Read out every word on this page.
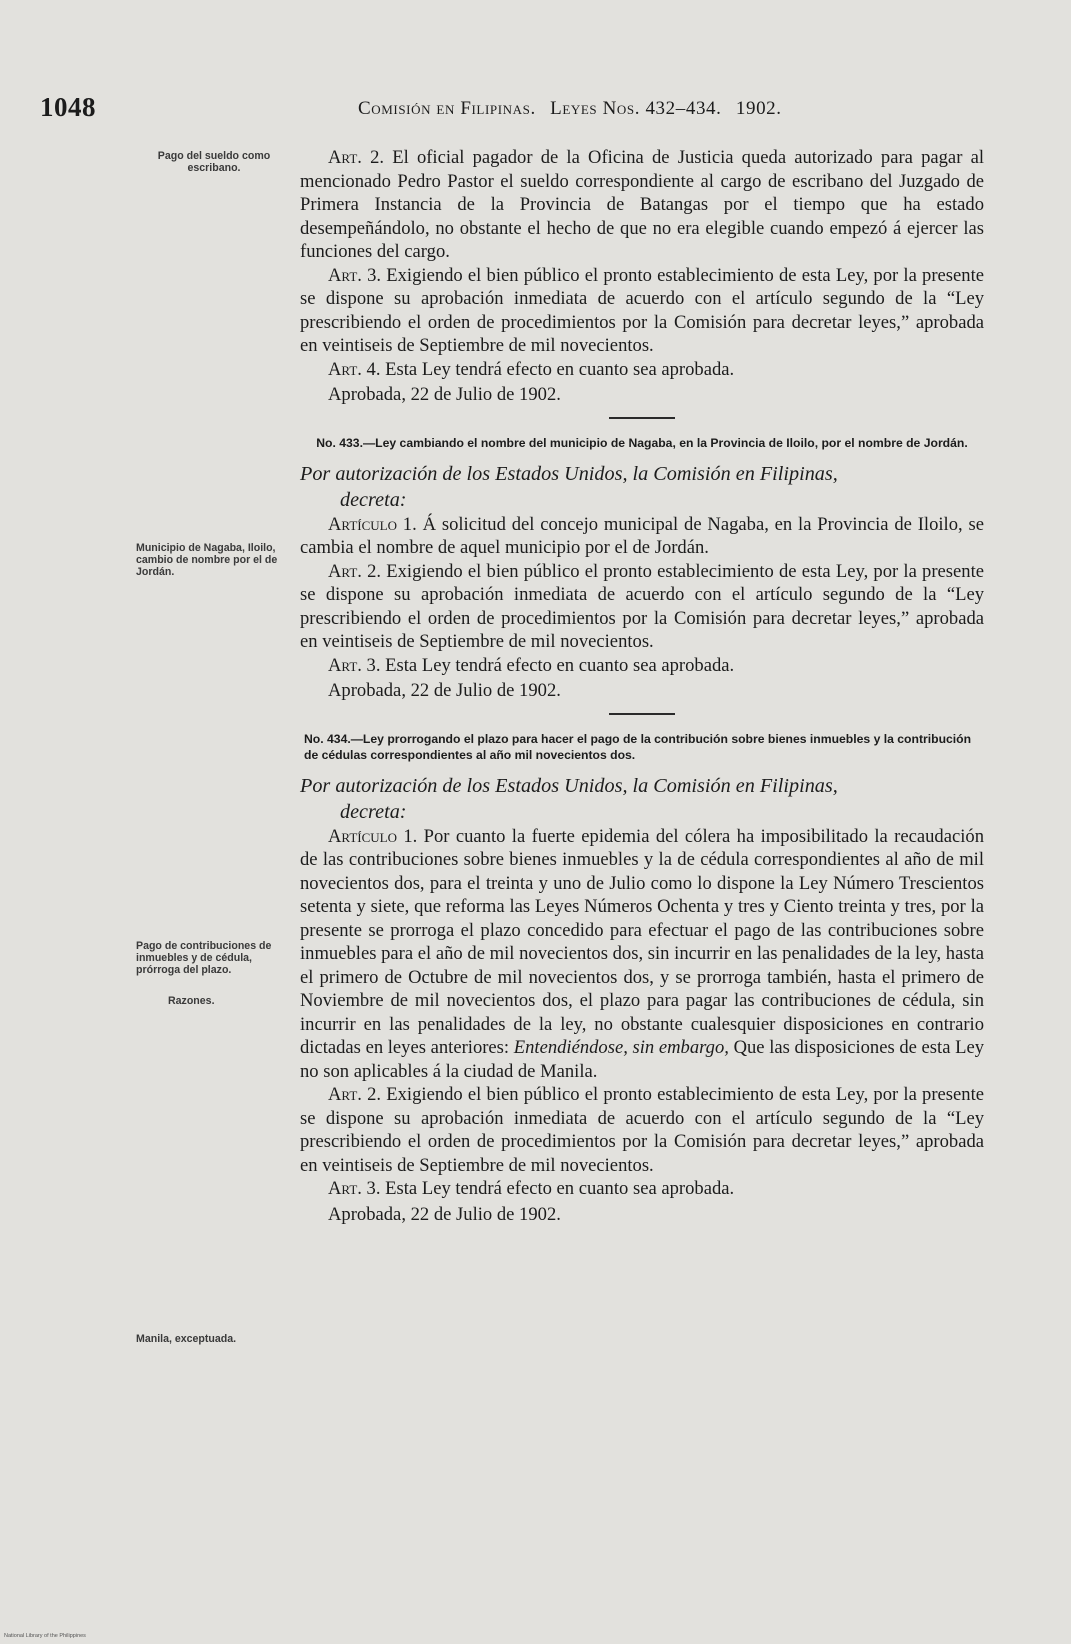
1048	Comisión en Filipinas. Leyes Nos. 432–434. 1902.
Pago del sueldo como escribano.
Municipio de Nagaba, Iloilo, cambio de nombre por el de Jordán.
Pago de contribuciones de inmuebles y de cédula, prórroga del plazo.
Razones.
Manila, exceptuada.

Art. 2. El oficial pagador de la Oficina de Justicia queda autorizado para pagar al mencionado Pedro Pastor el sueldo correspondiente al cargo de escribano del Juzgado de Primera Instancia de la Provincia de Batangas por el tiempo que ha estado desempeñándolo, no obstante el hecho de que no era elegible cuando empezó á ejercer las funciones del cargo.

Art. 3. Exigiendo el bien público el pronto establecimiento de esta Ley, por la presente se dispone su aprobación inmediata de acuerdo con el artículo segundo de la “Ley prescribiendo el orden de procedimientos por la Comisión para decretar leyes,” aprobada en veintiseis de Septiembre de mil novecientos.

Art. 4. Esta Ley tendrá efecto en cuanto sea aprobada.

Aprobada, 22 de Julio de 1902.

No. 433.—Ley cambiando el nombre del municipio de Nagaba, en la Provincia de Iloilo, por el nombre de Jordán.

Por autorización de los Estados Unidos, la Comisión en Filipinas,
decreta:

Artículo 1. Á solicitud del concejo municipal de Nagaba, en la Provincia de Iloilo, se cambia el nombre de aquel municipio por el de Jordán.

Art. 2. Exigiendo el bien público el pronto establecimiento de esta Ley, por la presente se dispone su aprobación inmediata de acuerdo con el artículo segundo de la “Ley prescribiendo el orden de procedimientos por la Comisión para decretar leyes,” aprobada en veintiseis de Septiembre de mil novecientos.

Art. 3. Esta Ley tendrá efecto en cuanto sea aprobada.

Aprobada, 22 de Julio de 1902.

No. 434.—Ley prorrogando el plazo para hacer el pago de la contribución sobre bienes inmuebles y la contribución de cédulas correspondientes al año mil novecientos dos.

Por autorización de los Estados Unidos, la Comisión en Filipinas,
decreta:

Artículo 1. Por cuanto la fuerte epidemia del cólera ha imposibilitado la recaudación de las contribuciones sobre bienes inmuebles y la de cédula correspondientes al año de mil novecientos dos, para el treinta y uno de Julio como lo dispone la Ley Número Trescientos setenta y siete, que reforma las Leyes Números Ochenta y tres y Ciento treinta y tres, por la presente se prorroga el plazo concedido para efectuar el pago de las contribuciones sobre inmuebles para el año de mil novecientos dos, sin incurrir en las penalidades de la ley, hasta el primero de Octubre de mil novecientos dos, y se prorroga también, hasta el primero de Noviembre de mil novecientos dos, el plazo para pagar las contribuciones de cédula, sin incurrir en las penalidades de la ley, no obstante cualesquier disposiciones en contrario dictadas en leyes anteriores: Entendiéndose, sin embargo, Que las disposiciones de esta Ley no son aplicables á la ciudad de Manila.

Art. 2. Exigiendo el bien público el pronto establecimiento de esta Ley, por la presente se dispone su aprobación inmediata de acuerdo con el artículo segundo de la “Ley prescribiendo el orden de procedimientos por la Comisión para decretar leyes,” aprobada en veintiseis de Septiembre de mil novecientos.

Art. 3. Esta Ley tendrá efecto en cuanto sea aprobada.

Aprobada, 22 de Julio de 1902.

National Library of the Philippines
